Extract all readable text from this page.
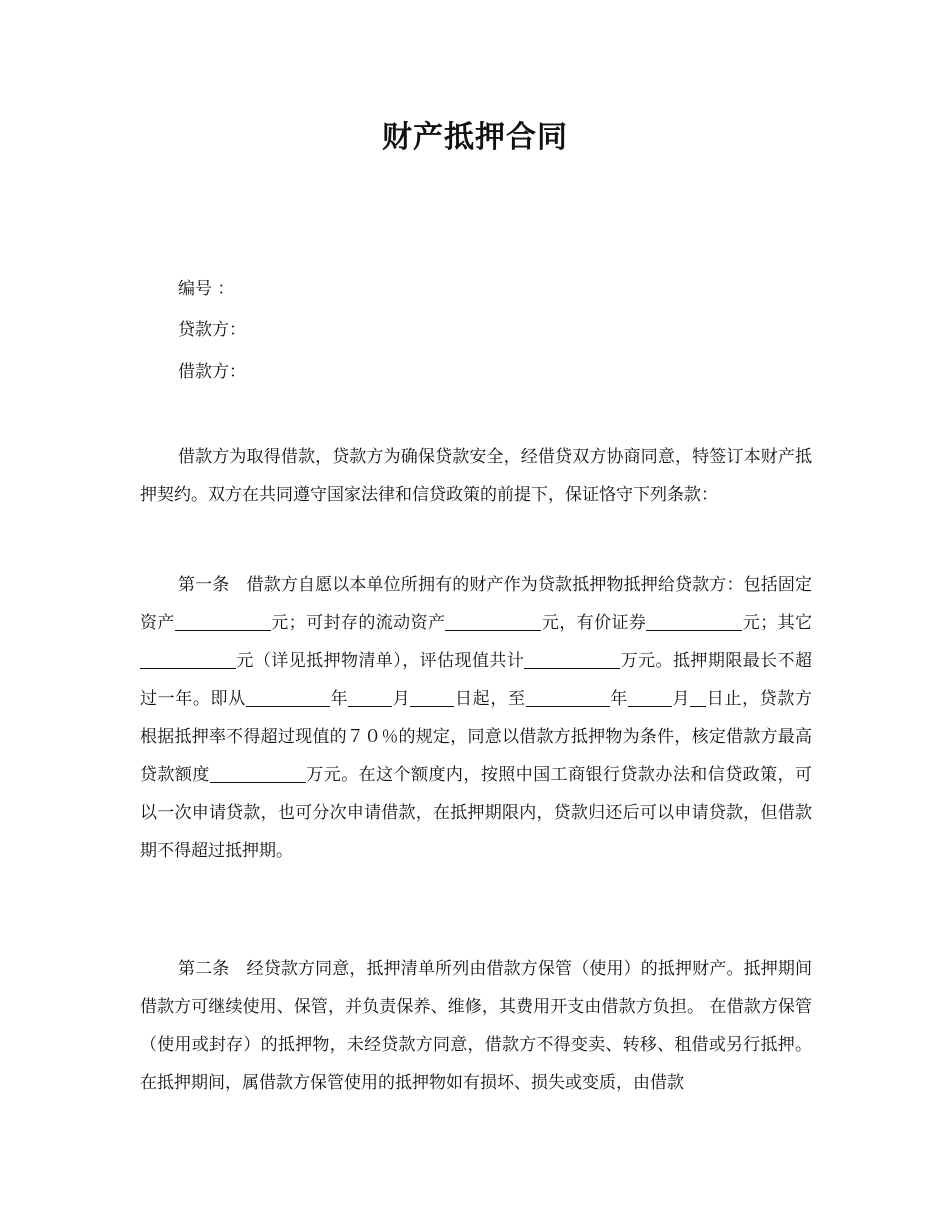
财产抵押合同
编号 ：
贷款方：
借款方：

借款方为取得借款，贷款方为确保贷款安全，经借贷双方协商同意，特签订本财产抵押契约。双方在共同遵守国家法律和信贷政策的前提下，保证恪守下列条款：

第一条　借款方自愿以本单位所拥有的财产作为贷款抵押物抵押给贷款方：包括固定资产	元；可封存的流动资产	元，有价证券	元；其它元（详见抵押物清单），评估现值共计	万元。抵押期限最长不超过一年。即从	年	月	日起，至	年	月 日止，贷款方根据抵押率不得超过现值的７０％的规定，同意以借款方抵押物为条件，核定借款方最高贷款额度	万元。在这个额度内，按照中国工商银行贷款办法和信贷政策，可以一次申请贷款，也可分次申请借款，在抵押期限内，贷款归还后可以申请贷款，但借款期不得超过抵押期。

第二条　经贷款方同意，抵押清单所列由借款方保管（使用）的抵押财产。抵押期间借款方可继续使用、保管，并负责保养、维修，其费用开支由借款方负担。 在借款方保管（使用或封存）的抵押物，未经贷款方同意，借款方不得变卖、转移、租借或另行抵押。在抵押期间，属借款方保管使用的抵押物如有损坏、损失或变质，由借款
